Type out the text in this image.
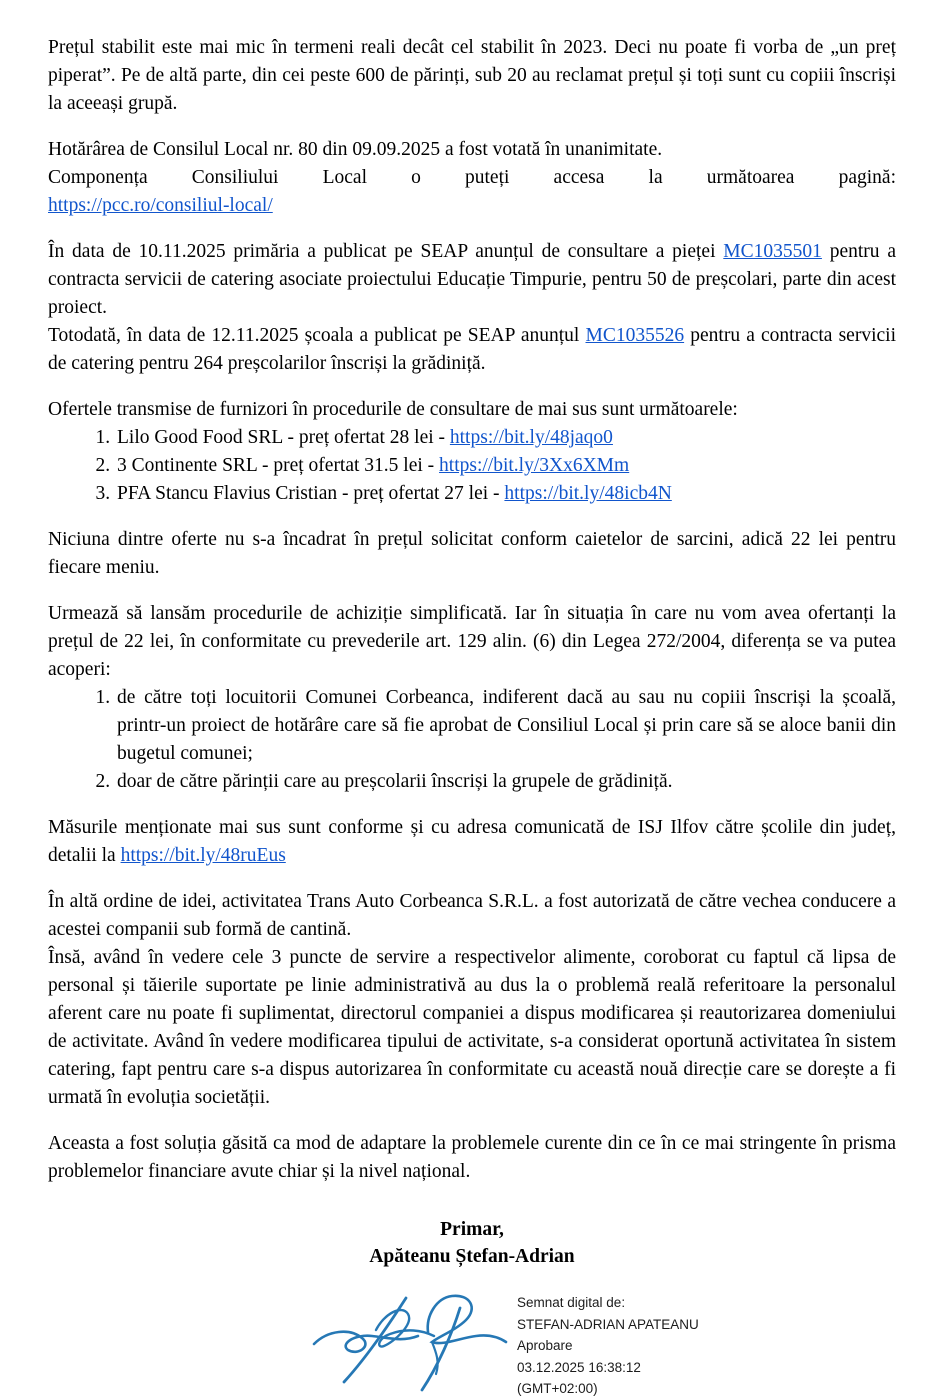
Prețul stabilit este mai mic în termeni reali decât cel stabilit în 2023. Deci nu poate fi vorba de „un preț piperat”. Pe de altă parte, din cei peste 600 de părinți, sub 20 au reclamat prețul și toți sunt cu copiii înscriși la aceeași grupă.

Hotărârea de Consilul Local nr. 80 din 09.09.2025 a fost votată în unanimitate.
Componența Consiliului Local o puteți accesa la următoarea pagină:
https://pcc.ro/consiliul-local/
În data de 10.11.2025 primăria a publicat pe SEAP anunțul de consultare a pieței MC1035501 pentru a contracta servicii de catering asociate proiectului Educație Timpurie, pentru 50 de preșcolari, parte din acest proiect.
Totodată, în data de 12.11.2025 școala a publicat pe SEAP anunțul MC1035526 pentru a contracta servicii de catering pentru 264 preșcolarilor înscriși la grădiniță.
Ofertele transmise de furnizori în procedurile de consultare de mai sus sunt următoarele:
1. Lilo Good Food SRL - preț ofertat 28 lei - https://bit.ly/48jaqo0
2. 3 Continente SRL - preț ofertat 31.5 lei - https://bit.ly/3Xx6XMm
3. PFA Stancu Flavius Cristian - preț ofertat 27 lei - https://bit.ly/48icb4N

Niciuna dintre oferte nu s-a încadrat în prețul solicitat conform caietelor de sarcini, adică 22 lei pentru fiecare meniu.

Urmează să lansăm procedurile de achiziție simplificată. Iar în situația în care nu vom avea ofertanți la prețul de 22 lei, în conformitate cu prevederile art. 129 alin. (6) din Legea 272/2004, diferența se va putea acoperi:
1. de către toți locuitorii Comunei Corbeanca, indiferent dacă au sau nu copiii înscriși la școală, printr-un proiect de hotărâre care să fie aprobat de Consiliul Local și prin care să se aloce banii din bugetul comunei;
2. doar de către părinții care au preșcolarii înscriși la grupele de grădiniță.
Măsurile menționate mai sus sunt conforme și cu adresa comunicată de ISJ Ilfov către școlile din județ, detalii la https://bit.ly/48ruEus
În altă ordine de idei, activitatea Trans Auto Corbeanca S.R.L. a fost autorizată de către vechea conducere a acestei companii sub formă de cantină.
Însă, având în vedere cele 3 puncte de servire a respectivelor alimente, coroborat cu faptul că lipsa de personal și tăierile suportate pe linie administrativă au dus la o problemă reală referitoare la personalul aferent care nu poate fi suplimentat, directorul companiei a dispus modificarea și reautorizarea domeniului de activitate. Având în vedere modificarea tipului de activitate, s-a considerat oportună activitatea în sistem catering, fapt pentru care s-a dispus autorizarea în conformitate cu această nouă direcție care se dorește a fi urmată în evoluția societății.

Aceasta a fost soluția găsită ca mod de adaptare la problemele curente din ce în ce mai stringente în prisma problemelor financiare avute chiar și la nivel național.

Primar,
Apăteanu Ștefan-Adrian
Semnat digital de:
STEFAN-ADRIAN APATEANU
Aprobare
03.12.2025 16:38:12
(GMT+02:00)
